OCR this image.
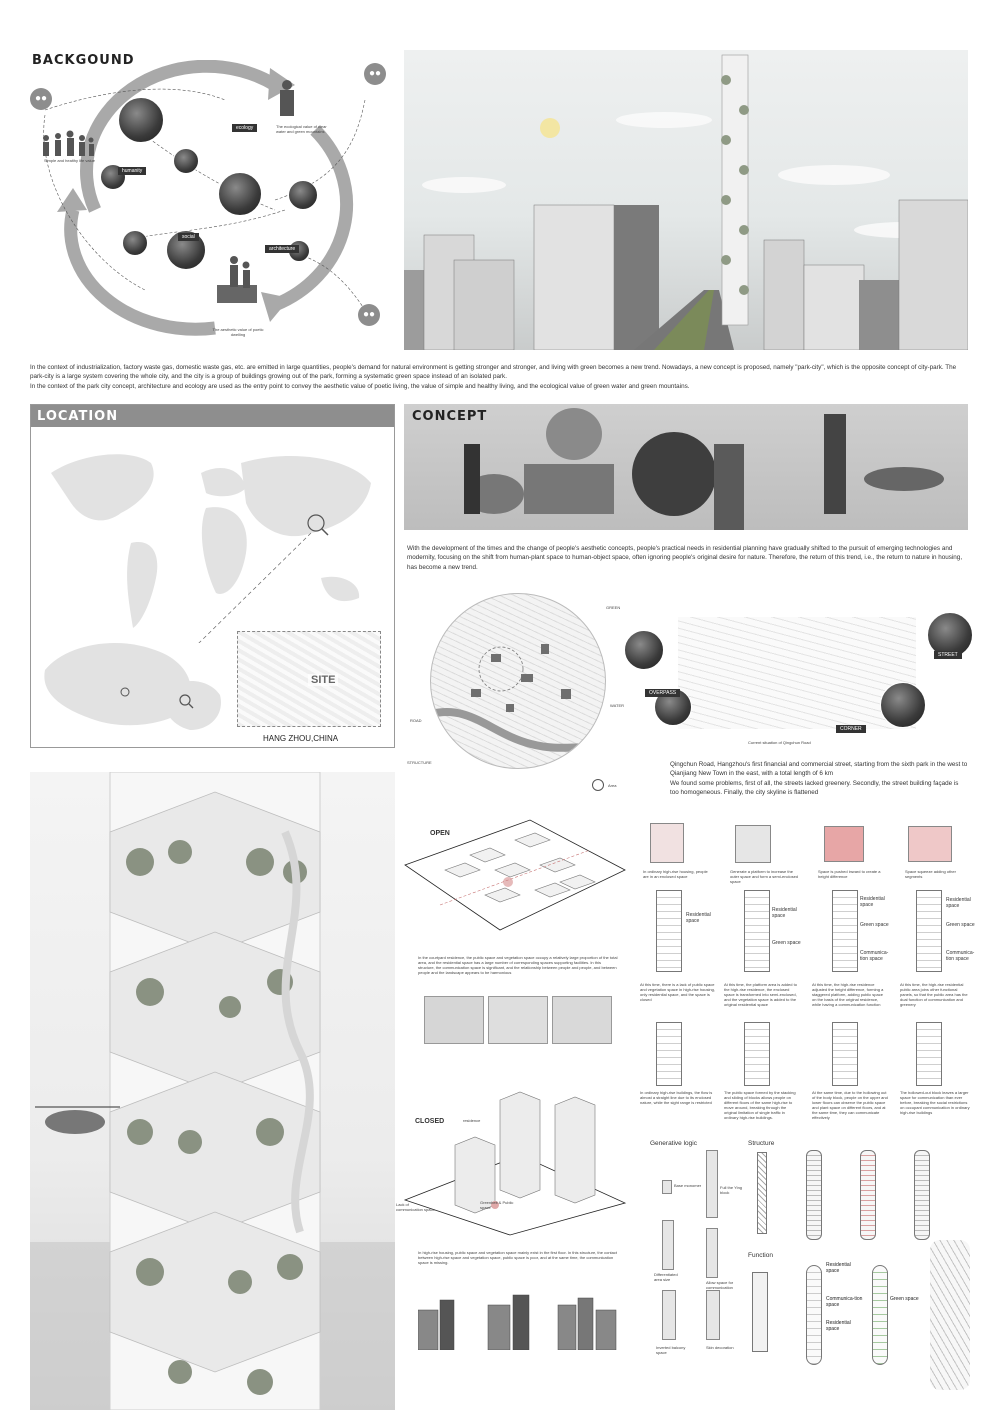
BACKGOUND
●●
●●
●●
humanity
ecology
social
architecture
Simple and healthy life value
The ecological value of clear water and green mountains
The aesthetic value of poetic dwelling
In the context of industrialization, factory waste gas, domestic waste gas, etc. are emitted in large quantities, people's demand for natural environment is getting stronger and stronger, and living with green becomes a new trend. Nowadays, a new concept is proposed, namely "park-city", which is the opposite concept of city-park. The park-city is a large system covering the whole city, and the city is a group of buildings growing out of the park, forming a systematic green space instead of an isolated park.
In the context of the park city concept, architecture and ecology are used as the entry point to convey the aesthetic value of poetic living, the value of simple and healthy living, and the ecological value of green water and green mountains.
LOCATION
SITE
HANG ZHOU,CHINA
CONCEPT
With the development of the times and the change of people's aesthetic concepts, people's practical needs in residential planning have gradually shifted to the pursuit of emerging technologies and modernity, focusing on the shift from human-plant space to human-object space, often ignoring people's original desire for nature. Therefore, the return of this trend, i.e., the return to nature in housing, has become a new trend.
GREEN
WATER
ROAD
STRUCTURE
Area
STREET
OVERPASS
CORNER
Current situation of Qingchun Road
Qingchun Road, Hangzhou's first financial and commercial street, starting from the sixth park in the west to Qianjiang New Town in the east, with a total length of 6 km
We found some problems, first of all, the streets lacked greenery. Secondly, the street building façade is too homogeneous. Finally, the city skyline is flattened
OPEN
In the courtyard residence, the public space and vegetation space occupy a relatively large proportion of the total area, and the residential space has a large number of corresponding spaces supporting facilities. In this structure, the communication space is significant, and the relationship between people and people, and between people and the landscape appears to be harmonious
CLOSED	residence
Lack of communication space
Greenbelt & Public space
In high-rise housing, public space and vegetation space mainly exist in the first floor. In this structure, the contact between high-rise space and vegetation space, public space is poor, and at the same time, the communication space is missing.
In ordinary high-rise housing, people are in an enclosed space
Generate a platform to increase the outer space and form a semi-enclosed space
Space is pushed inward to create a height difference
Space squeeze adding other segments
Residential space
Residential space
Green space
Residential space
Green space
Communica-tion space
Residential space
Green space
Communica-tion space
At this time, there is a lack of public space and vegetation space in high-rise housing, only residential space, and the space is closed
At this time, the platform area is added to the high-rise residence, the enclosed space is transformed into semi-enclosed, and the vegetation space is added to the original residential space
At this time, the high-rise residence adjusted the height difference, forming a staggered platform, adding public space on the basis of the original residence, while having a communication function
At this time, the high-rise residential public area joins other functional panels, so that the public area has the dual function of communication and greenery
In ordinary high-rise buildings, the flow is almost a straight line due to its enclosed nature, while the sight range is restricted
The public space formed by the stacking and sliding of blocks allows people on different floors of the same high-rise to move around, breaking through the original limitation of single traffic in ordinary high-rise buildings.
At the same time, due to the hollowing out of the body block, people on the upper and lower floors can observe the public space and plant space on different floors, and at the same time, they can communicate effectively
The hollowed-out block leaves a larger space for communication than ever before, breaking the social restrictions on occupant communication in ordinary high-rise buildings
Generative logic	Structure
Function
Base monomer	Full the Ying block
Differentiated area size
Allow space for communication
Inverted balcony space
Skin decoration
Residential space
Communica-tion space
Residential space
Green space
